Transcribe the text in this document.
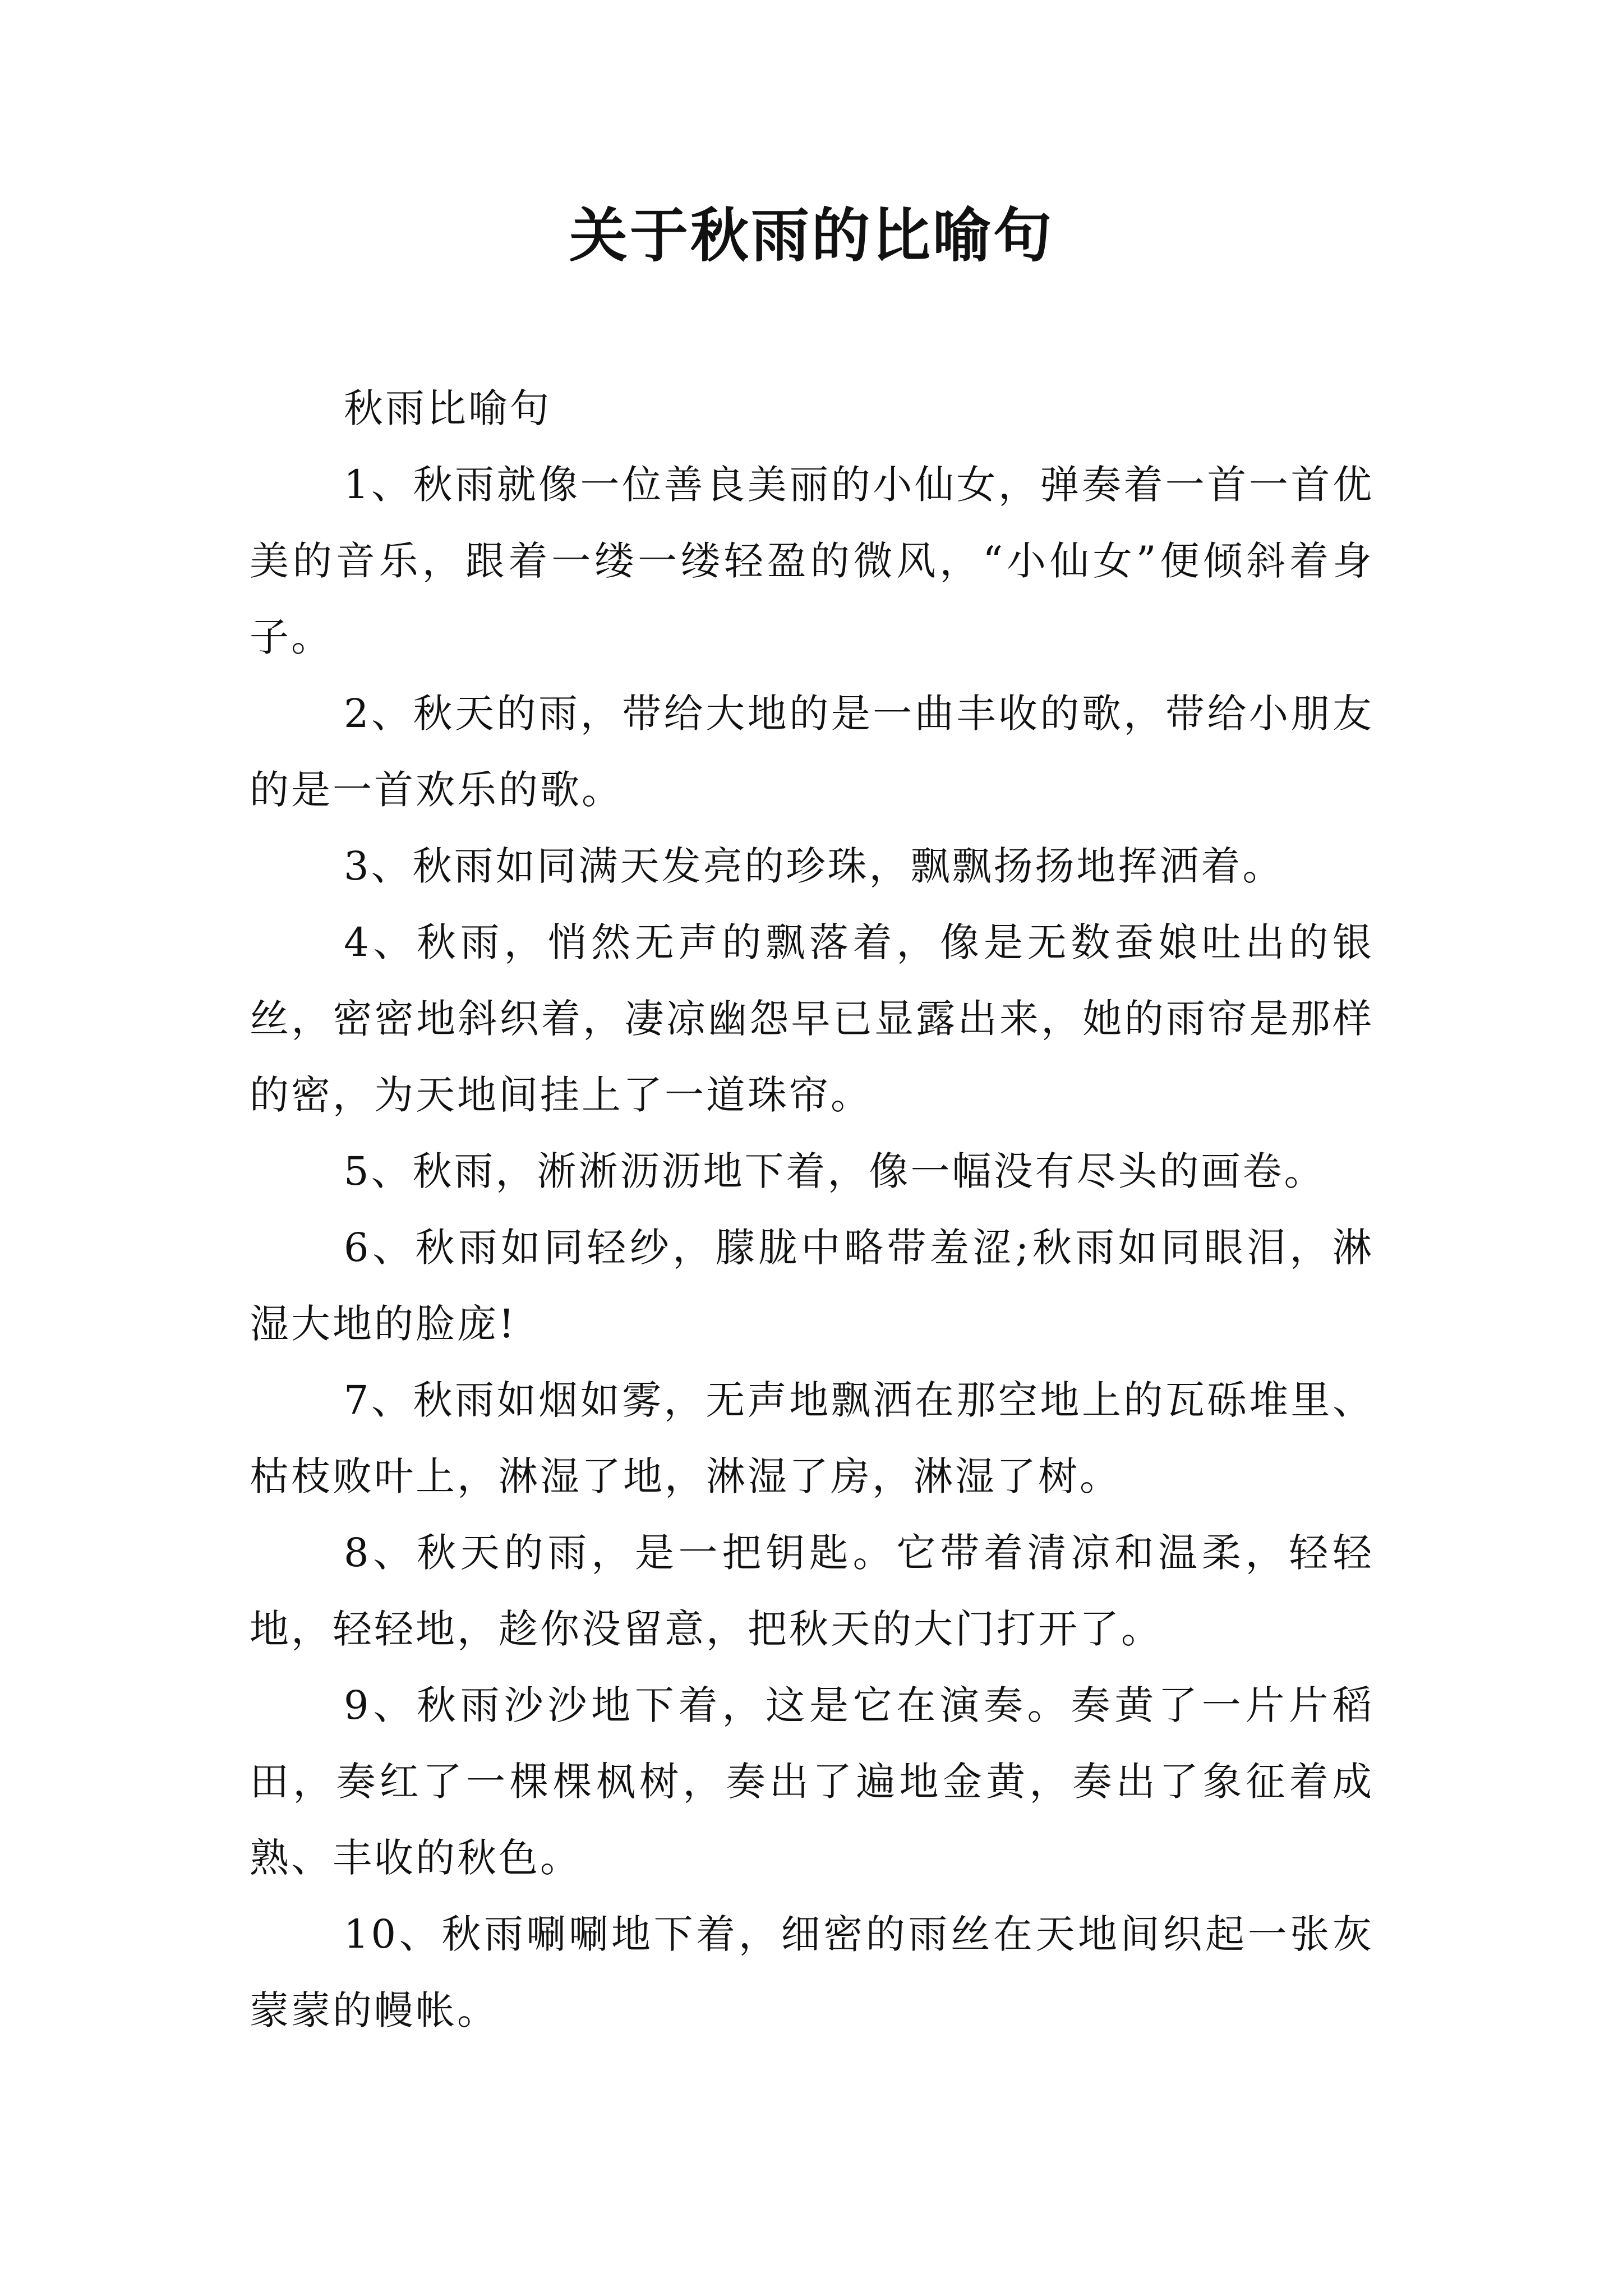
关于秋雨的比喻句

秋雨比喻句

1、秋雨就像一位善良美丽的小仙女，弹奏着一首一首优美的音乐，跟着一缕一缕轻盈的微风，“小仙女”便倾斜着身子。

2、秋天的雨，带给大地的是一曲丰收的歌，带给小朋友的是一首欢乐的歌。

3、秋雨如同满天发亮的珍珠，飘飘扬扬地挥洒着。

4、秋雨，悄然无声的飘落着，像是无数蚕娘吐出的银丝，密密地斜织着，凄凉幽怨早已显露出来，她的雨帘是那样的密，为天地间挂上了一道珠帘。

5、秋雨，淅淅沥沥地下着，像一幅没有尽头的画卷。

6、秋雨如同轻纱，朦胧中略带羞涩;秋雨如同眼泪，淋湿大地的脸庞!

7、秋雨如烟如雾，无声地飘洒在那空地上的瓦砾堆里、枯枝败叶上，淋湿了地，淋湿了房，淋湿了树。

8、秋天的雨，是一把钥匙。它带着清凉和温柔，轻轻地，轻轻地，趁你没留意，把秋天的大门打开了。

9、秋雨沙沙地下着，这是它在演奏。奏黄了一片片稻田，奏红了一棵棵枫树，奏出了遍地金黄，奏出了象征着成熟、丰收的秋色。

10、秋雨唰唰地下着，细密的雨丝在天地间织起一张灰蒙蒙的幔帐。
